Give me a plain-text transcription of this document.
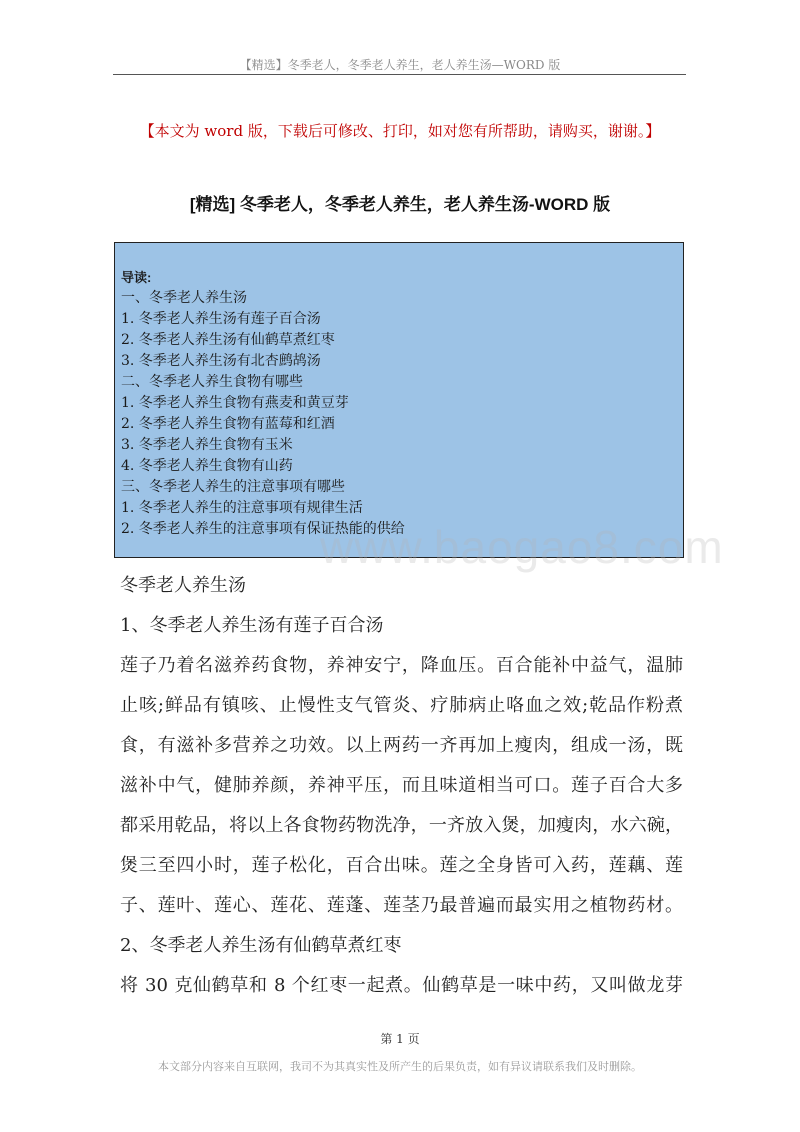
【精选】冬季老人，冬季老人养生，老人养生汤—WORD 版
【本文为 word 版，下载后可修改、打印，如对您有所帮助，请购买，谢谢。】
[精选] 冬季老人，冬季老人养生，老人养生汤-WORD 版
导读:
一、冬季老人养生汤
1. 冬季老人养生汤有莲子百合汤
2. 冬季老人养生汤有仙鹤草煮红枣
3. 冬季老人养生汤有北杏鹧鸪汤
二、冬季老人养生食物有哪些
1. 冬季老人养生食物有燕麦和黄豆芽
2. 冬季老人养生食物有蓝莓和红酒
3. 冬季老人养生食物有玉米
4. 冬季老人养生食物有山药
三、冬季老人养生的注意事项有哪些
1. 冬季老人养生的注意事项有规律生活
2. 冬季老人养生的注意事项有保证热能的供给
www.baogao8.com

冬季老人养生汤

1、冬季老人养生汤有莲子百合汤

莲子乃着名滋养药食物，养神安宁，降血压。百合能补中益气，温肺

止咳;鲜品有镇咳、止慢性支气管炎、疗肺病止咯血之效;乾品作粉煮

食，有滋补多营养之功效。以上两药一齐再加上瘦肉，组成一汤，既

滋补中气，健肺养颜，养神平压，而且味道相当可口。莲子百合大多

都采用乾品，将以上各食物药物洗净，一齐放入煲，加瘦肉，水六碗，

煲三至四小时，莲子松化，百合出味。莲之全身皆可入药，莲藕、莲

子、莲叶、莲心、莲花、莲蓬、莲茎乃最普遍而最实用之植物药材。

2、冬季老人养生汤有仙鹤草煮红枣

将 30 克仙鹤草和 8 个红枣一起煮。仙鹤草是一味中药，又叫做龙芽

第 1 页
本文部分内容来自互联网，我司不为其真实性及所产生的后果负责，如有异议请联系我们及时删除。
